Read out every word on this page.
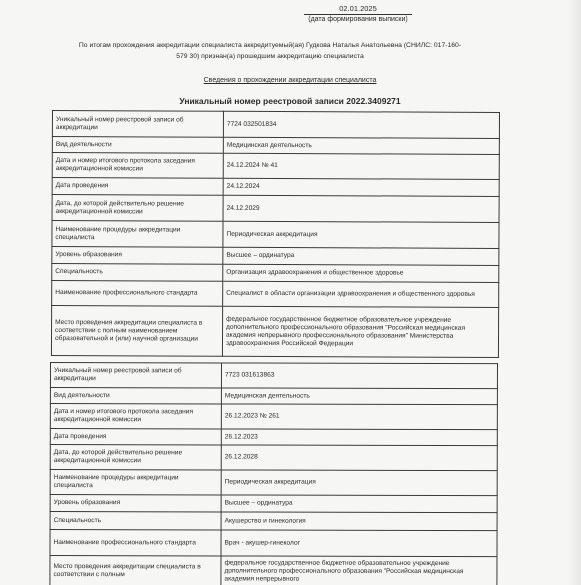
02.01.2025
(дата формирования выписки)
По итогам прохождения аккредитации специалиста аккредитуемый(ая) Гудкова Наталья Анатольевна (СНИЛС: 017-160-
579 30) признан(а) прошедшим аккредитацию специалиста
Сведения о прохождении аккредитации специалиста
Уникальный номер реестровой записи 2022.3409271
Уникальный номер реестровой записи об аккредитации	7724 032501834
Вид деятельности	Медицинская деятельность
Дата и номер итогового протокола заседания аккредитационной комиссии	24.12.2024 № 41
Дата проведения	24.12.2024
Дата, до которой действительно решение аккредитационной комиссии	24.12.2029
Наименование процедуры аккредитации специалиста	Периодическая аккредитация
Уровень образования	Высшее – ординатура
Специальность	Организация здравоохранения и общественное здоровье
Наименование профессионального стандарта	Специалист в области организации здравоохранения и общественного здоровья
Место проведения аккредитации специалиста в соответствии с полным наименованием образовательной и (или) научной организации	федеральное государственное бюджетное образовательное учреждение дополнительного профессионального образования "Российская медицинская академия непрерывного профессионального образования" Министерства здравоохранения Российской Федерации
Уникальный номер реестровой записи об аккредитации	7723 031613863
Вид деятельности	Медицинская деятельность
Дата и номер итогового протокола заседания аккредитационной комиссии	26.12.2023 № 261
Дата проведения	26.12.2023
Дата, до которой действительно решение аккредитационной комиссии	26.12.2028
Наименование процедуры аккредитации специалиста	Периодическая аккредитация
Уровень образования	Высшее – ординатура
Специальность	Акушерство и гинекология
Наименование профессионального стандарта	Врач - акушер-гинеколог
Место проведения аккредитации специалиста в соответствии с полным	федеральное государственное бюджетное образовательное учреждение дополнительного профессионального образования "Российская медицинская академия непрерывного
